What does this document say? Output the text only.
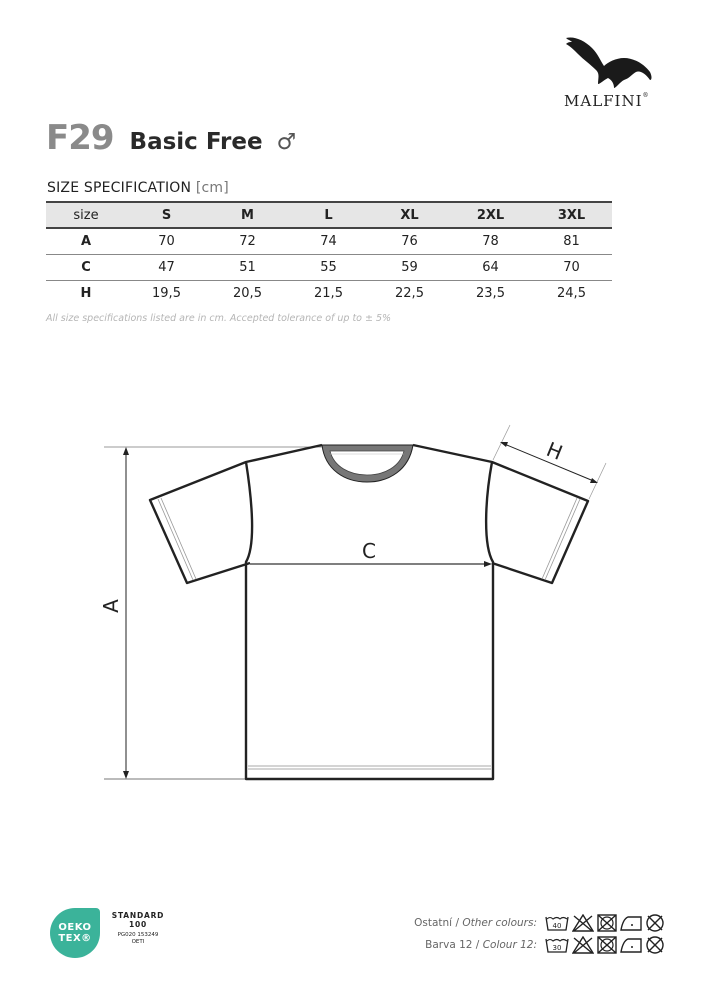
MALFINI®
F29 Basic Free ♂
SIZE SPECIFICATION [cm]
size	S	M	L	XL	2XL	3XL
A	70	72	74	76	78	81
C	47	51	55	59	64	70
H	19,5	20,5	21,5	22,5	23,5	24,5
All size specifications listed are in cm. Accepted tolerance of up to ± 5%
A
C
H
OEKO
TEX®
STANDARD
100
PG020 153249
OETI
Ostatní / Other colours: 40
Barva 12 / Colour 12: 30
